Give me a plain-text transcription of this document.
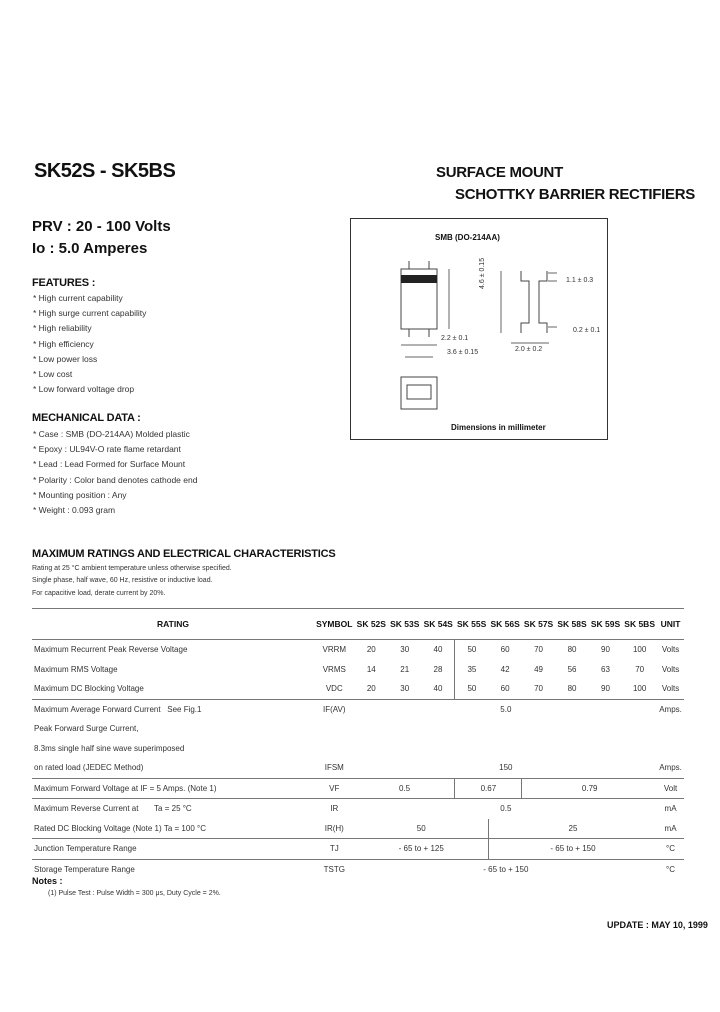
SK52S - SK5BS	SURFACE MOUNT
SCHOTTKY BARRIER RECTIFIERS
PRV : 20 - 100 Volts
Io : 5.0 Amperes
FEATURES :
* High current capability
* High surge current capability
* High reliability
* High efficiency
* Low power loss
* Low cost
* Low forward voltage drop
MECHANICAL DATA :
* Case : SMB (DO-214AA) Molded plastic
* Epoxy : UL94V-O rate flame retardant
* Lead : Lead Formed for Surface Mount
* Polarity : Color band denotes cathode end
* Mounting position : Any
* Weight : 0.093 gram
SMB (DO-214AA)
1.1 ± 0.3
4.6 ± 0.15
2.2 ± 0.1
3.6 ± 0.15	2.0 ± 0.2
0.2 ± 0.1
Dimensions in millimeter
MAXIMUM RATINGS AND ELECTRICAL CHARACTERISTICS
Rating at 25 °C ambient temperature unless otherwise specified.
Single phase, half wave, 60 Hz, resistive or inductive load.
For capacitive load, derate current by 20%.
RATING	SYMBOL	SK 52S	SK 53S	SK 54S	SK 55S	SK 56S	SK 57S	SK 58S	SK 59S	SK 5BS	UNIT
Maximum Recurrent Peak Reverse Voltage	VRRM	20	30	40	50	60	70	80	90	100	Volts
Maximum RMS Voltage	VRMS	14	21	28	35	42	49	56	63	70	Volts
Maximum DC Blocking Voltage	VDC	20	30	40	50	60	70	80	90	100	Volts
Maximum Average Forward Current See Fig.1	IF(AV)	5.0									Amps.
Peak Forward Surge Current,											
8.3ms single half sine wave superimposed											
on rated load (JEDEC Method)	IFSM	150									Amps.
Maximum Forward Voltage at IF = 5 Amps. (Note 1)	VF	0.5			0.67		0.79				Volt
Maximum Reverse Current at Ta = 25 °C	IR	0.5									mA
Rated DC Blocking Voltage (Note 1) Ta = 100 °C	IR(H)	50				25					mA
Junction Temperature Range	TJ	- 65 to + 125				- 65 to + 150					°C
Storage Temperature Range	TSTG	- 65 to + 150									°C
Notes :
(1) Pulse Test : Pulse Width = 300 μs, Duty Cycle = 2%.
UPDATE : MAY 10, 1999
